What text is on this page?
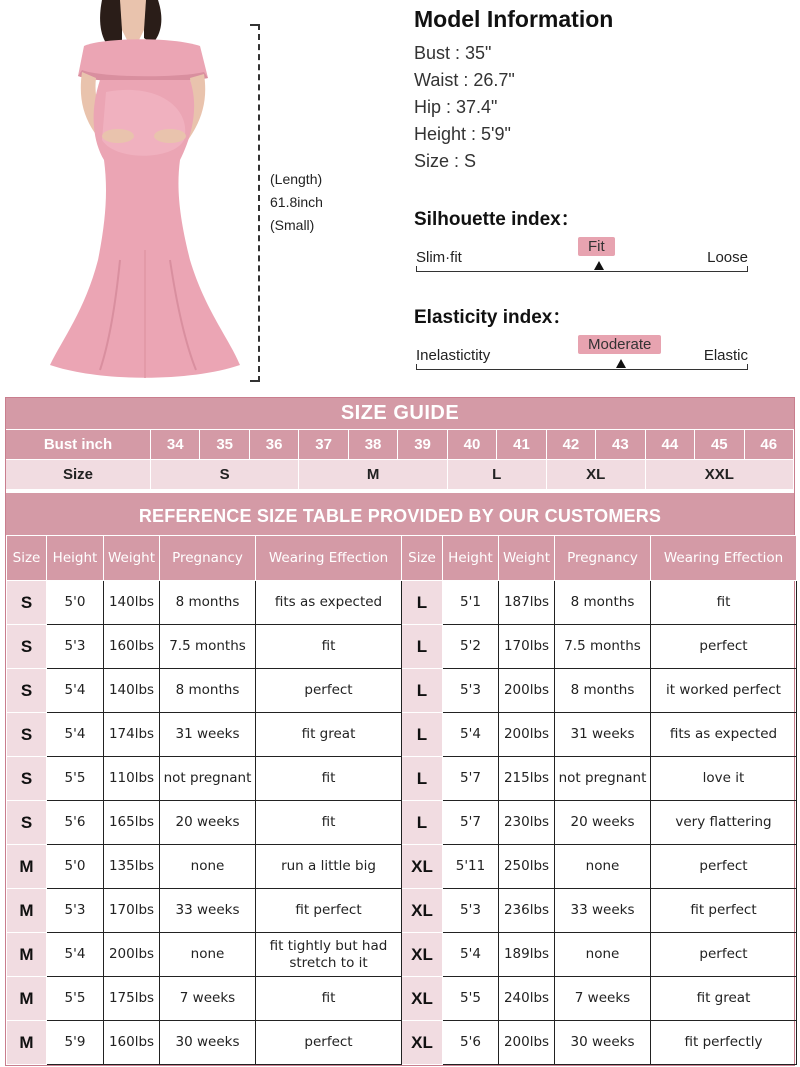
(Length)
61.8inch
(Small)
Model Information
Bust : 35"
Waist : 26.7"
Hip : 37.4"
Height : 5'9"
Size : S
Silhouette index：
Slim·fit
Fit
Loose
Elasticity index：
Inelastictity
Moderate
Elastic
SIZE GUIDE
Bust inch	34	35	36	37	38	39	40	41	42	43	44	45	46
Size	S	M	L	XL	XXL
REFERENCE SIZE TABLE PROVIDED BY OUR CUSTOMERS
Size	Height	Weight	Pregnancy	Wearing Effection	Size	Height	Weight	Pregnancy	Wearing Effection
S	5'0	140lbs	8 months	fits as expected	L	5'1	187lbs	8 months	fit
S	5'3	160lbs	7.5 months	fit	L	5'2	170lbs	7.5 months	perfect
S	5'4	140lbs	8 months	perfect	L	5'3	200lbs	8 months	it worked perfect
S	5'4	174lbs	31 weeks	fit great	L	5'4	200lbs	31 weeks	fits as expected
S	5'5	110lbs	not pregnant	fit	L	5'7	215lbs	not pregnant	love it
S	5'6	165lbs	20 weeks	fit	L	5'7	230lbs	20 weeks	very flattering
M	5'0	135lbs	none	run a little big	XL	5'11	250lbs	none	perfect
M	5'3	170lbs	33 weeks	fit perfect	XL	5'3	236lbs	33 weeks	fit perfect
M	5'4	200lbs	none	fit tightly but had stretch to it	XL	5'4	189lbs	none	perfect
M	5'5	175lbs	7 weeks	fit	XL	5'5	240lbs	7 weeks	fit great
M	5'9	160lbs	30 weeks	perfect	XL	5'6	200lbs	30 weeks	fit perfectly
